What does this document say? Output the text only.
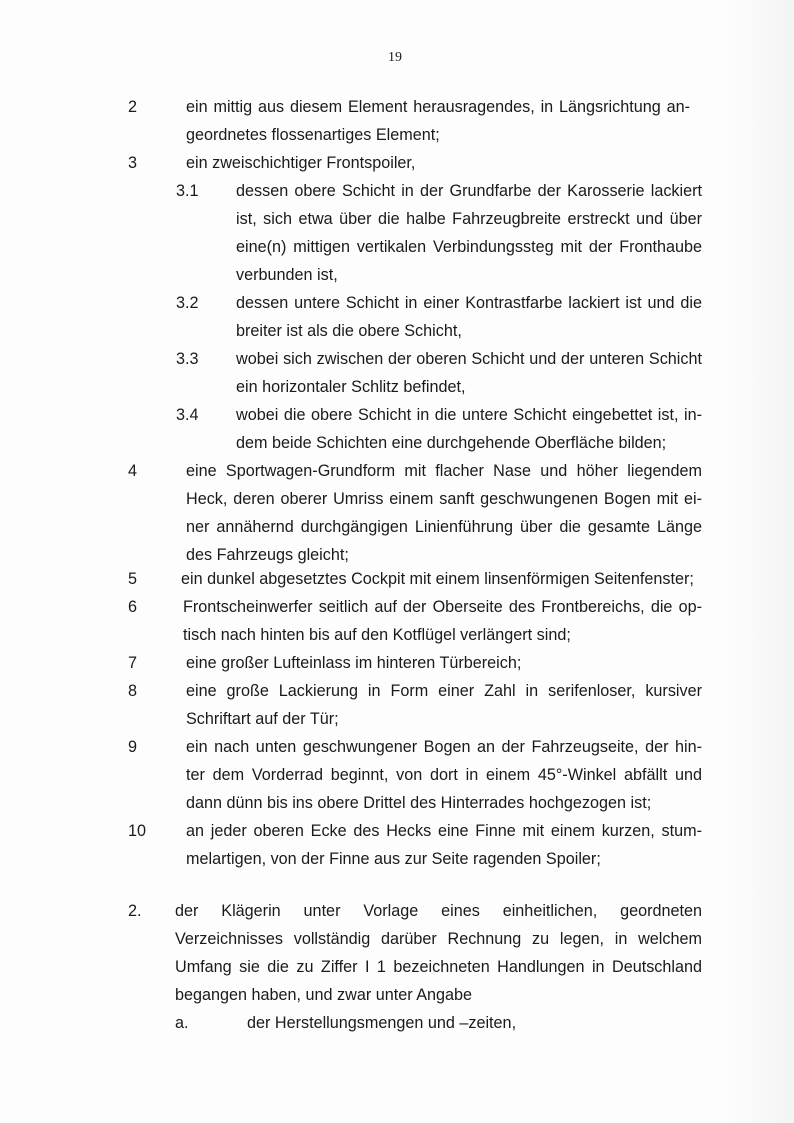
19
2	ein mittig aus diesem Element herausragendes, in Längsrichtung an-
geordnetes flossenartiges Element;
3	ein zweischichtiger Frontspoiler,
3.1 dessen obere Schicht in der Grundfarbe der Karosserie lackiert
ist, sich etwa über die halbe Fahrzeugbreite erstreckt und über
eine(n) mittigen vertikalen Verbindungssteg mit der Fronthaube
verbunden ist,
3.2 dessen untere Schicht in einer Kontrastfarbe lackiert ist und die
breiter ist als die obere Schicht,
3.3 wobei sich zwischen der oberen Schicht und der unteren Schicht
ein horizontaler Schlitz befindet,
3.4 wobei die obere Schicht in die untere Schicht eingebettet ist, in-
dem beide Schichten eine durchgehende Oberfläche bilden;
4	eine Sportwagen-Grundform mit flacher Nase und höher liegendem
Heck, deren oberer Umriss einem sanft geschwungenen Bogen mit ei-
ner annähernd durchgängigen Linienführung über die gesamte Länge
des Fahrzeugs gleicht;
5	ein dunkel abgesetztes Cockpit mit einem linsenförmigen Seitenfenster;
6	Frontscheinwerfer seitlich auf der Oberseite des Frontbereichs, die op-
tisch nach hinten bis auf den Kotflügel verlängert sind;
7	eine großer Lufteinlass im hinteren Türbereich;
8	eine große Lackierung in Form einer Zahl in serifenloser, kursiver
Schriftart auf der Tür;
9	ein nach unten geschwungener Bogen an der Fahrzeugseite, der hin-
ter dem Vorderrad beginnt, von dort in einem 45°-Winkel abfällt und
dann dünn bis ins obere Drittel des Hinterrades hochgezogen ist;
10 an jeder oberen Ecke des Hecks eine Finne mit einem kurzen, stum-
melartigen, von der Finne aus zur Seite ragenden Spoiler;
2. der Klägerin unter Vorlage eines einheitlichen, geordneten
Verzeichnisses vollständig darüber Rechnung zu legen, in welchem
Umfang sie die zu Ziffer I 1 bezeichneten Handlungen in Deutschland
begangen haben, und zwar unter Angabe
a.	der Herstellungsmengen und –zeiten,
